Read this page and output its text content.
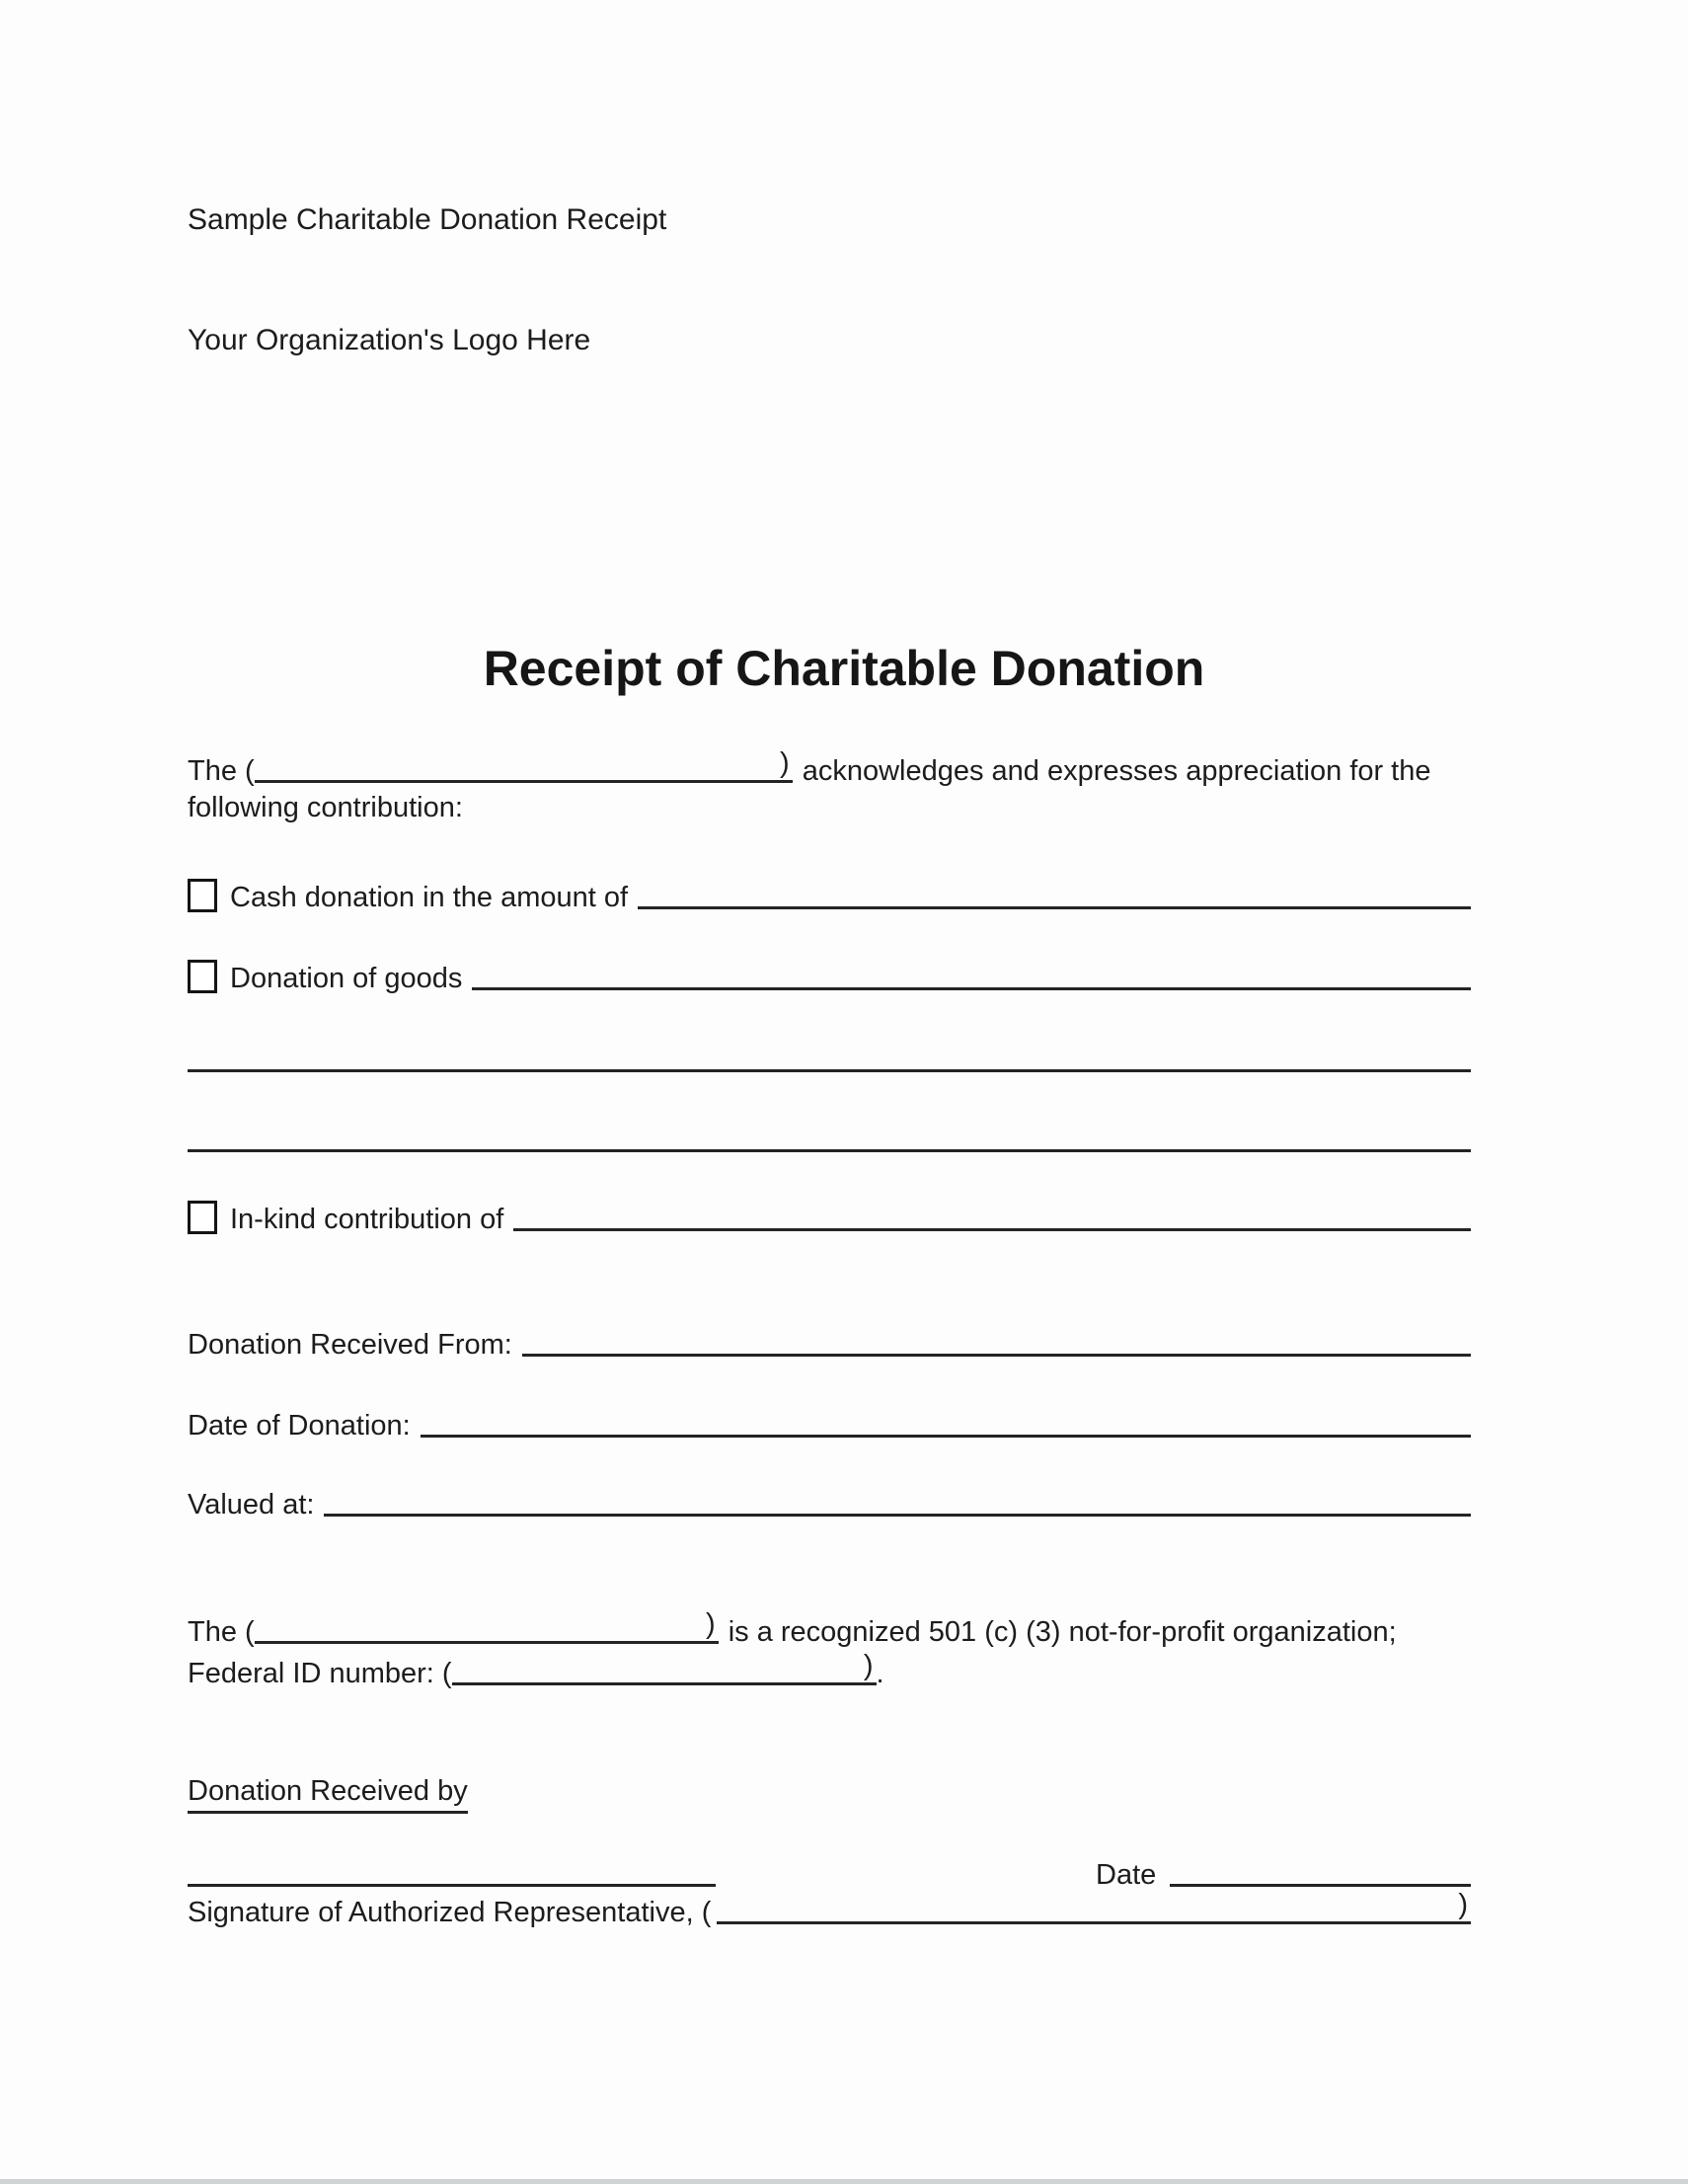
Sample Charitable Donation Receipt
Your Organization's Logo Here
Receipt of Charitable Donation
The (	) acknowledges and expresses appreciation for the
following contribution:
Cash donation in the amount of
Donation of goods
In-kind contribution of
Donation Received From:
Date of Donation:
Valued at:
The (	) is a recognized 501 (c) (3) not-for-profit organization;
Federal ID number: (	) .
Donation Received by
Date
Signature of Authorized Representative, (	)
